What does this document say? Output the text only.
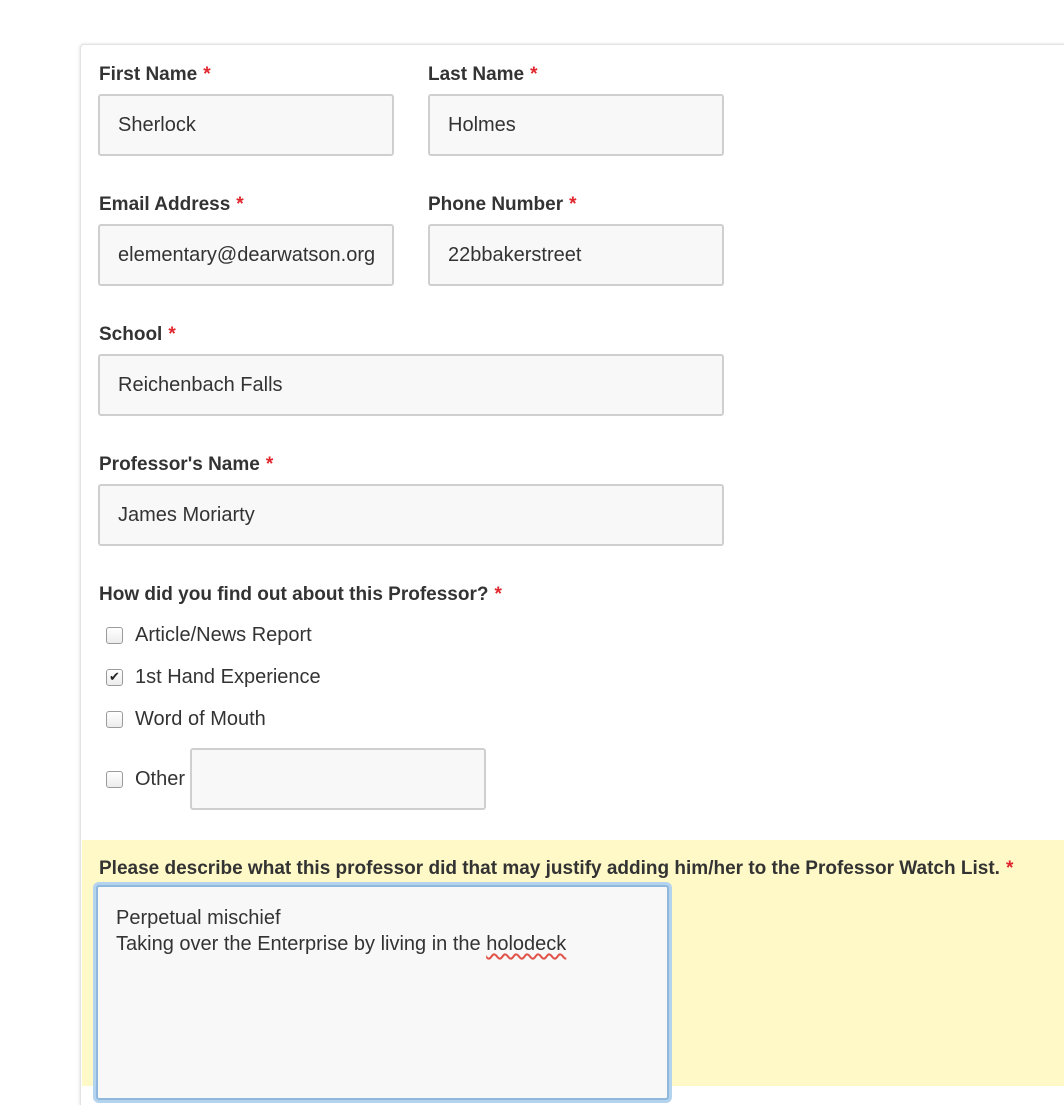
First Name *
Sherlock
Last Name *
Holmes
Email Address *
elementary@dearwatson.org
Phone Number *
22bbakerstreet
School *
Reichenbach Falls
Professor's Name *
James Moriarty
How did you find out about this Professor? *
Article/News Report
✔ 1st Hand Experience
Word of Mouth
Other
Please describe what this professor did that may justify adding him/her to the Professor Watch List. *
Perpetual mischief
Taking over the Enterprise by living in the holodeck
